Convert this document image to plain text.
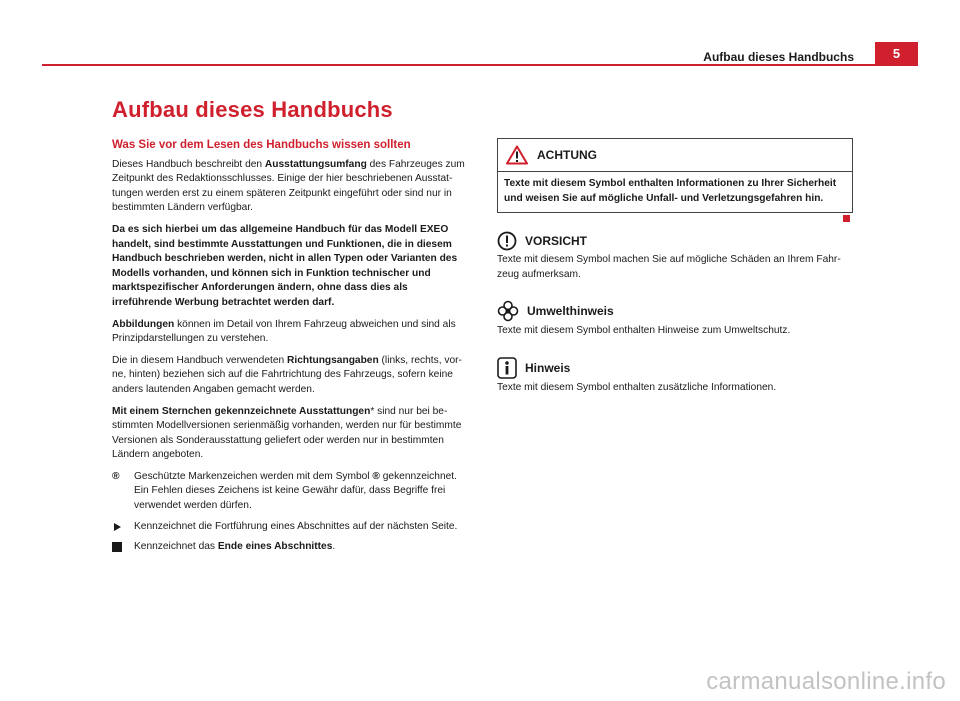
Aufbau dieses Handbuchs	5
Aufbau dieses Handbuchs
Was Sie vor dem Lesen des Handbuchs wissen sollten

Dieses Handbuch beschreibt den Ausstattungsumfang des Fahrzeuges zum Zeitpunkt des Redaktionsschlusses. Einige der hier beschriebenen Ausstattungen werden erst zu einem späteren Zeitpunkt eingeführt oder sind nur in bestimmten Ländern verfügbar.

Da es sich hierbei um das allgemeine Handbuch für das Modell EXEO handelt, sind bestimmte Ausstattungen und Funktionen, die in diesem Handbuch beschrieben werden, nicht in allen Typen oder Varianten des Modells vorhanden, und können sich in Funktion technischer und marktspezifischer Anforderungen ändern, ohne dass dies als irreführende Werbung betrachtet werden darf.

Abbildungen können im Detail von Ihrem Fahrzeug abweichen und sind als Prinzipdarstellungen zu verstehen.

Die in diesem Handbuch verwendeten Richtungsangaben (links, rechts, vorne, hinten) beziehen sich auf die Fahrtrichtung des Fahrzeugs, sofern keine anders lautenden Angaben gemacht werden.

Mit einem Sternchen gekennzeichnete Ausstattungen* sind nur bei bestimmten Modellversionen serienmäßig vorhanden, werden nur für bestimmte Versionen als Sonderausstattung geliefert oder werden nur in bestimmten Ländern angeboten.

® Geschützte Markenzeichen werden mit dem Symbol ® gekennzeichnet. Ein Fehlen dieses Zeichens ist keine Gewähr dafür, dass Begriffe frei verwendet werden dürfen.
Kennzeichnet die Fortführung eines Abschnittes auf der nächsten Seite.
Kennzeichnet das Ende eines Abschnittes.
ACHTUNG
Texte mit diesem Symbol enthalten Informationen zu Ihrer Sicherheit und weisen Sie auf mögliche Unfall- und Verletzungsgefahren hin.
VORSICHT

Texte mit diesem Symbol machen Sie auf mögliche Schäden an Ihrem Fahrzeug aufmerksam.

Umwelthinweis

Texte mit diesem Symbol enthalten Hinweise zum Umweltschutz.

Hinweis

Texte mit diesem Symbol enthalten zusätzliche Informationen.

carmanualsonline.info
